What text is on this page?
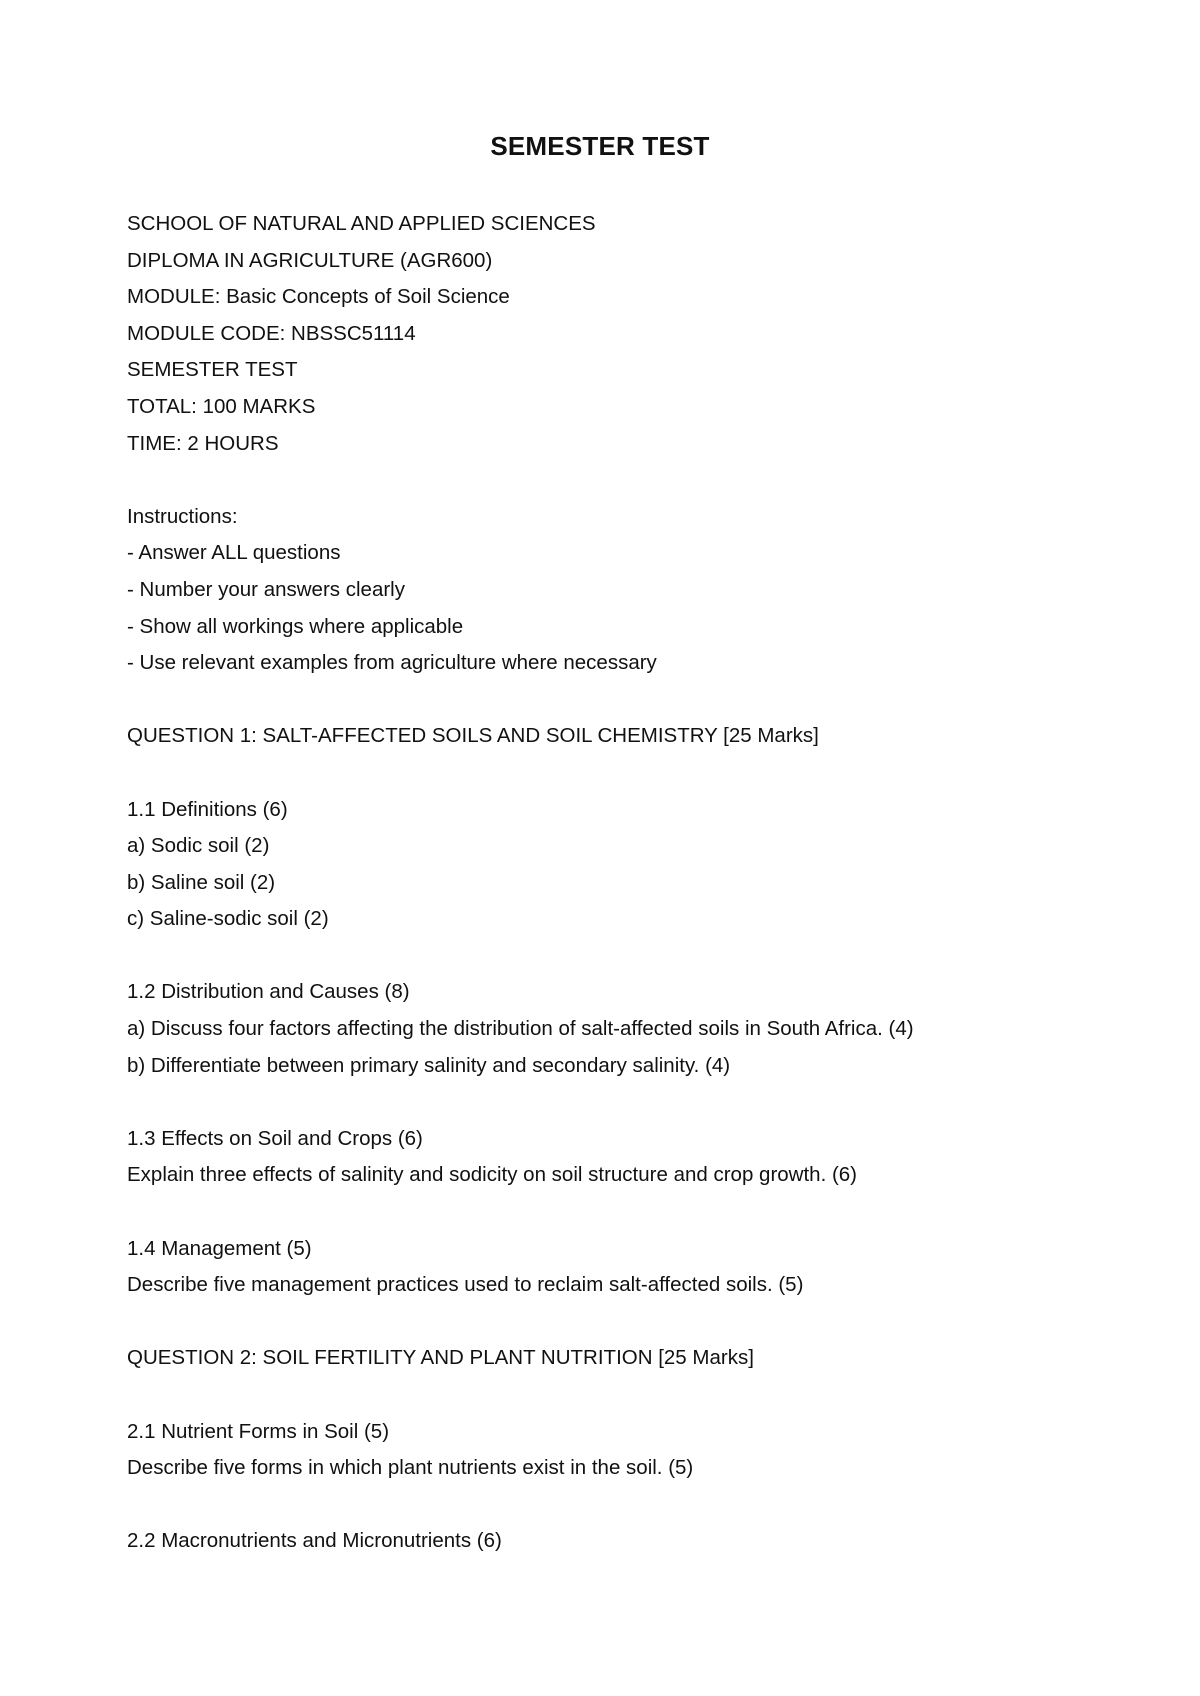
SEMESTER TEST
SCHOOL OF NATURAL AND APPLIED SCIENCES
DIPLOMA IN AGRICULTURE (AGR600)
MODULE: Basic Concepts of Soil Science
MODULE CODE: NBSSC51114
SEMESTER TEST
TOTAL: 100 MARKS
TIME: 2 HOURS
Instructions:
- Answer ALL questions
- Number your answers clearly
- Show all workings where applicable
- Use relevant examples from agriculture where necessary
QUESTION 1: SALT-AFFECTED SOILS AND SOIL CHEMISTRY [25 Marks]
1.1 Definitions (6)
a) Sodic soil (2)
b) Saline soil (2)
c) Saline-sodic soil (2)
1.2 Distribution and Causes (8)
a) Discuss four factors affecting the distribution of salt-affected soils in South Africa. (4)
b) Differentiate between primary salinity and secondary salinity. (4)
1.3 Effects on Soil and Crops (6)
Explain three effects of salinity and sodicity on soil structure and crop growth. (6)
1.4 Management (5)
Describe five management practices used to reclaim salt-affected soils. (5)
QUESTION 2: SOIL FERTILITY AND PLANT NUTRITION [25 Marks]
2.1 Nutrient Forms in Soil (5)
Describe five forms in which plant nutrients exist in the soil. (5)
2.2 Macronutrients and Micronutrients (6)
